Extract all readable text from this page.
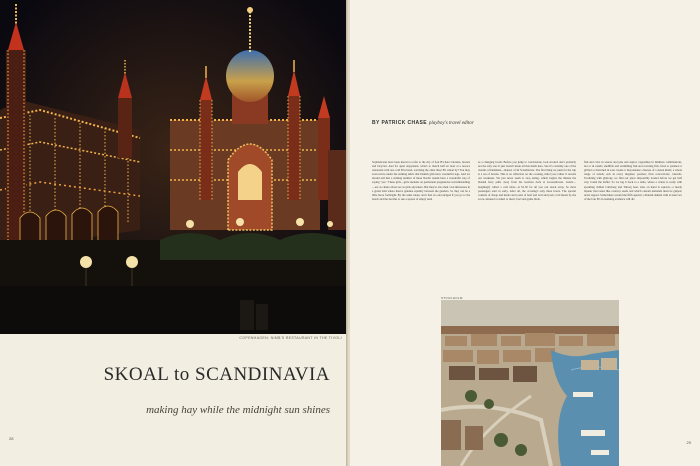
COPENHAGEN: NIMB'S RESTAURANT IN THE TIVOLI
SKOAL to SCANDINAVIA
making hay while the midnight sun shines
28
BY PATRICK CHASE playboy's travel editor

Sophisticates have been known to refer to the city of four B's here: blondes, breasts and bicycles. And for quiet enjoyment, what's to match half an hour at a terrace restaurant with one cold B in hand, watching the other three B's wheel by? You may even notice under the striking skirts that Danish girls have wonderful legs. And we should add that a striking number of these Nordic naiads have a wonderful way of saying "yes." These girls—girls students on permanent pregnancies notwithstanding—are as chaste about sex as girls anywhere. But they're also their own mistresses in a grand land where there's genuine equality between the genders. So they can be a little more forthright. By the same token, don't feel too encouraged if you go to the beach and the decides to use a square of empty sand

as a changing booth. Before you jump to conclusions, look around: she's probably not the only one. It just doesn't mean all that much here. Sex it's certainly one of the charms of Denmark—indeed, of all Scandinavia. The first thing we push for the trip is a tea of breads. This is no reflection on the cooking, mind you; rather it reveals our weakness. We just never seem to stop eating, which begins the minute the Danish ferry pulls away from the German dock at Grossenbrode. Lunch—laughingly called a cold table—is $1.50 for all you can snack away. So most passengers start in early. After all, the crossing's only three hours. The special consists of cheap and meals and roasts of beef and veal and pork; cold meats by the score, smoked or salted or meat; fowl and game birds,

fish and cold, in sauces and pies and aspics; vegetables in limitless combinations, hot or in salads; shellfish and swimming fish and crawling fish, fried or pickled or grilled or drenched in sour cream or mayonnaise; cheeses of a dozen kinds; a whole range of salads; eels in every disguise; pastries; fruit concoctions; custards. Troubling with gluttony, we find our place impossibly loaded before we get half way 'round the buffet. So we lug it back to a table, where a waiter is ready with sparkling chilled Carlsberg and Tuborg beer. Also on hand is aquavit—a heady liqueur that tastes like caraway seeds and which custom demands must be gulped, never sipped. Somewhere around the fifth aquavit, a Danish damsel with at least two of the four B's in stunning evidence will dis

STOCKHOLM
29
